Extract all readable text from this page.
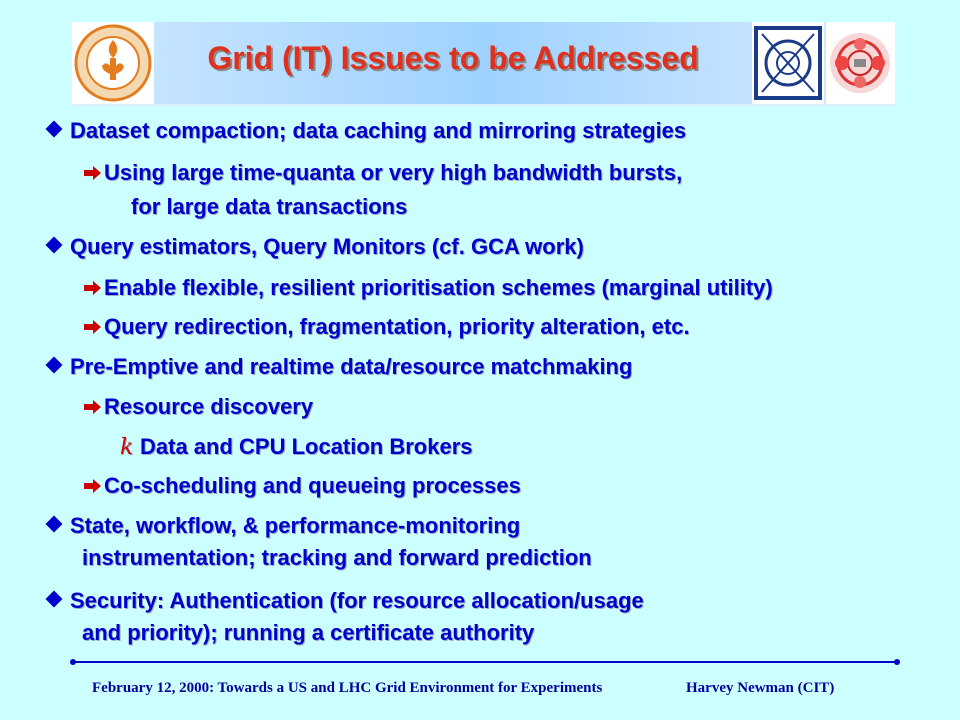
Grid (IT) Issues to be Addressed
Dataset compaction; data caching and mirroring strategies
Using large time-quanta or very high bandwidth bursts,
for large data transactions
Query estimators, Query Monitors (cf. GCA work)
Enable flexible, resilient prioritisation schemes (marginal utility)
Query redirection, fragmentation, priority alteration, etc.
Pre-Emptive and realtime data/resource matchmaking
Resource discovery
k Data and CPU Location Brokers
Co-scheduling and queueing processes
State, workflow, & performance-monitoring
instrumentation; tracking and forward prediction
Security: Authentication (for resource allocation/usage
and priority); running a certificate authority
February 12, 2000: Towards a US and LHC Grid Environment for Experiments	Harvey Newman (CIT)
